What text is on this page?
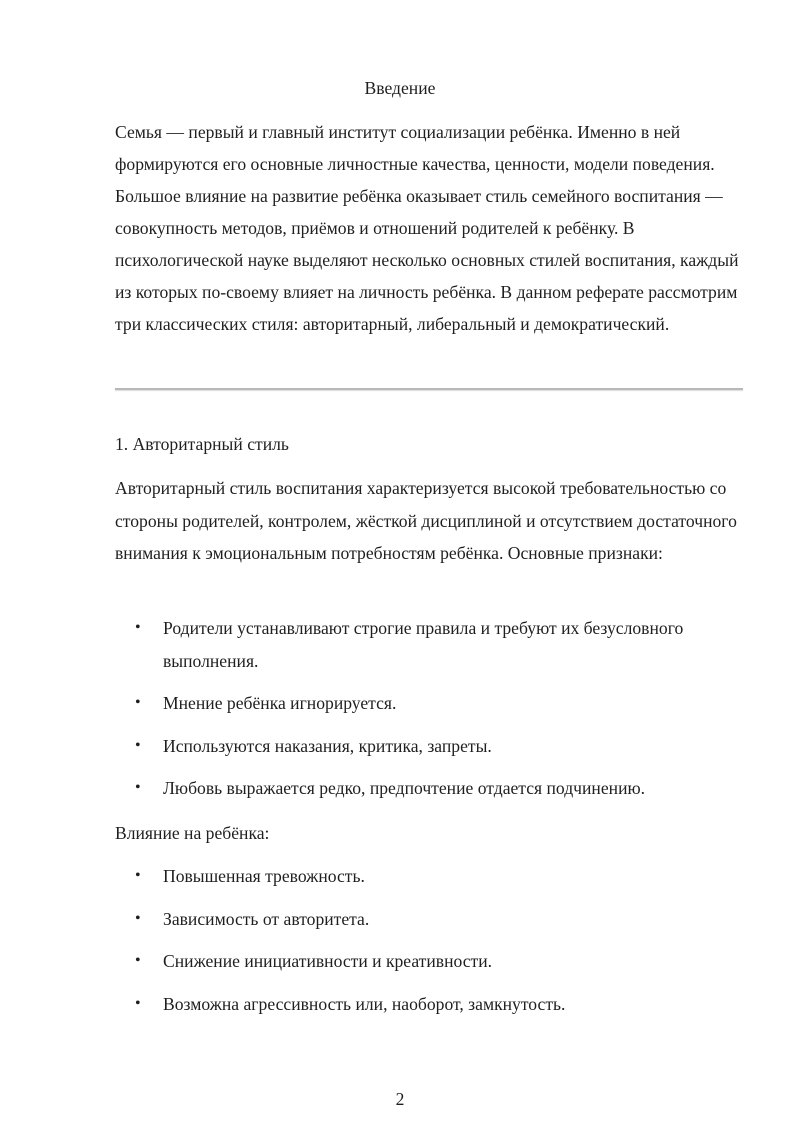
Введение

Семья — первый и главный институт социализации ребёнка. Именно в ней формируются его основные личностные качества, ценности, модели поведения. Большое влияние на развитие ребёнка оказывает стиль семейного воспитания — совокупность методов, приёмов и отношений родителей к ребёнку. В психологической науке выделяют несколько основных стилей воспитания, каждый из которых по-своему влияет на личность ребёнка. В данном реферате рассмотрим три классических стиля: авторитарный, либеральный и демократический.

1. Авторитарный стиль

Авторитарный стиль воспитания характеризуется высокой требовательностью со стороны родителей, контролем, жёсткой дисциплиной и отсутствием достаточного внимания к эмоциональным потребностям ребёнка. Основные признаки:

• Родители устанавливают строгие правила и требуют их безусловного выполнения.
• Мнение ребёнка игнорируется.
• Используются наказания, критика, запреты.
• Любовь выражается редко, предпочтение отдается подчинению.

Влияние на ребёнка:

• Повышенная тревожность.
• Зависимость от авторитета.
• Снижение инициативности и креативности.
• Возможна агрессивность или, наоборот, замкнутость.

2
